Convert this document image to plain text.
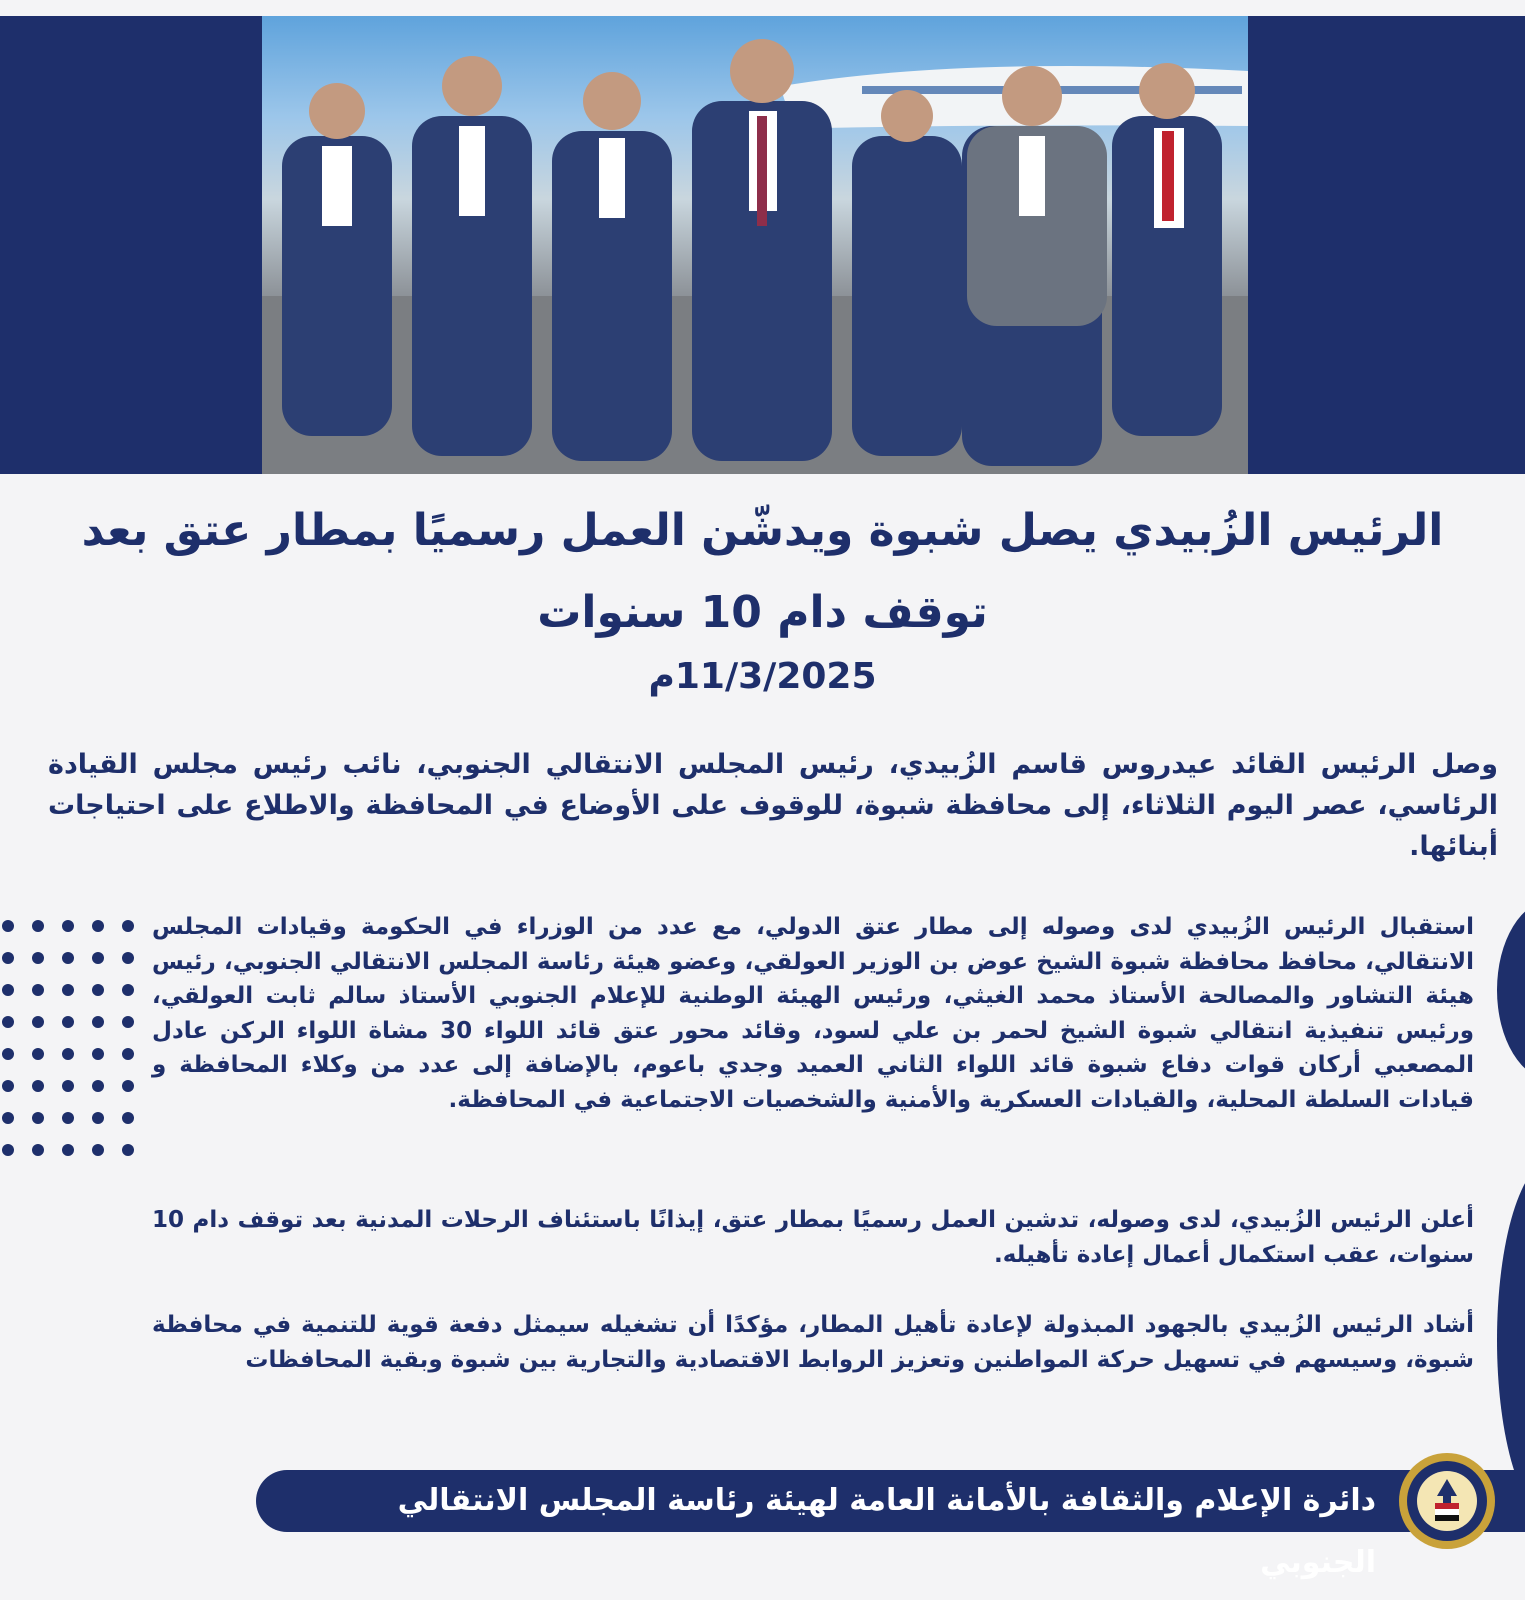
الرئيس الزُبيدي يصل شبوة ويدشّن العمل رسميًا بمطار عتق بعد توقف دام 10 سنوات
11/3/2025م
وصل الرئيس القائد عيدروس قاسم الزُبيدي، رئيس المجلس الانتقالي الجنوبي، نائب رئيس مجلس القيادة الرئاسي، عصر اليوم الثلاثاء، إلى محافظة شبوة، للوقوف على الأوضاع في المحافظة والاطلاع على احتياجات أبنائها.
استقبال الرئيس الزُبيدي لدى وصوله إلى مطار عتق الدولي، مع عدد من الوزراء في الحكومة وقيادات المجلس الانتقالي، محافظ محافظة شبوة الشيخ عوض بن الوزير العولقي، وعضو هيئة رئاسة المجلس الانتقالي الجنوبي، رئيس هيئة التشاور والمصالحة الأستاذ محمد الغيثي، ورئيس الهيئة الوطنية للإعلام الجنوبي الأستاذ سالم ثابت العولقي، ورئيس تنفيذية انتقالي شبوة الشيخ لحمر بن علي لسود، وقائد محور عتق قائد اللواء 30 مشاة اللواء الركن عادل المصعبي أركان قوات دفاع شبوة قائد اللواء الثاني العميد وجدي باعوم، بالإضافة إلى عدد من وكلاء المحافظة و قيادات السلطة المحلية، والقيادات العسكرية والأمنية والشخصيات الاجتماعية في المحافظة.
أعلن الرئيس الزُبيدي، لدى وصوله، تدشين العمل رسميًا بمطار عتق، إيذانًا باستئناف الرحلات المدنية بعد توقف دام 10 سنوات، عقب استكمال أعمال إعادة تأهيله.
أشاد الرئيس الزُبيدي بالجهود المبذولة لإعادة تأهيل المطار، مؤكدًا أن تشغيله سيمثل دفعة قوية للتنمية في محافظة شبوة، وسيسهم في تسهيل حركة المواطنين وتعزيز الروابط الاقتصادية والتجارية بين شبوة وبقية المحافظات
دائرة الإعلام والثقافة بالأمانة العامة لهيئة رئاسة المجلس الانتقالي الجنوبي
